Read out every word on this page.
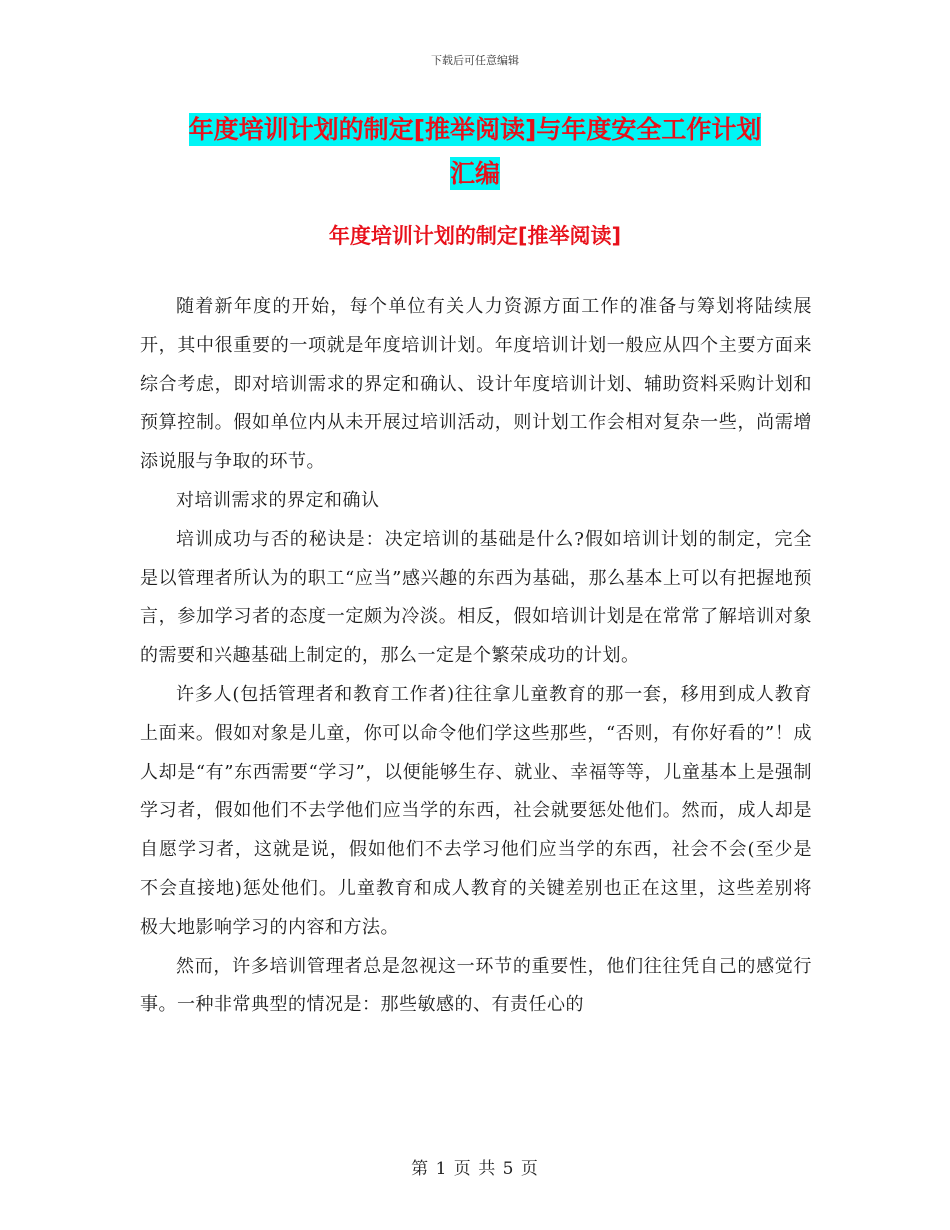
下载后可任意编辑
年度培训计划的制定[推举阅读]与年度安全工作计划
汇编
年度培训计划的制定[推举阅读]

随着新年度的开始，每个单位有关人力资源方面工作的准备与筹划将陆续展开，其中很重要的一项就是年度培训计划。年度培训计划一般应从四个主要方面来综合考虑，即对培训需求的界定和确认、设计年度培训计划、辅助资料采购计划和预算控制。假如单位内从未开展过培训活动，则计划工作会相对复杂一些，尚需增添说服与争取的环节。

对培训需求的界定和确认

培训成功与否的秘诀是：决定培训的基础是什么?假如培训计划的制定，完全是以管理者所认为的职工“应当”感兴趣的东西为基础，那么基本上可以有把握地预言，参加学习者的态度一定颇为冷淡。相反，假如培训计划是在常常了解培训对象的需要和兴趣基础上制定的，那么一定是个繁荣成功的计划。

许多人(包括管理者和教育工作者)往往拿儿童教育的那一套，移用到成人教育上面来。假如对象是儿童，你可以命令他们学这些那些，“否则，有你好看的”！成人却是“有”东西需要“学习”，以便能够生存、就业、幸福等等，儿童基本上是强制学习者，假如他们不去学他们应当学的东西，社会就要惩处他们。然而，成人却是自愿学习者，这就是说，假如他们不去学习他们应当学的东西，社会不会(至少是不会直接地)惩处他们。儿童教育和成人教育的关键差别也正在这里，这些差别将极大地影响学习的内容和方法。

然而，许多培训管理者总是忽视这一环节的重要性，他们往往凭自己的感觉行事。一种非常典型的情况是：那些敏感的、有责任心的

第 1 页 共 5 页
